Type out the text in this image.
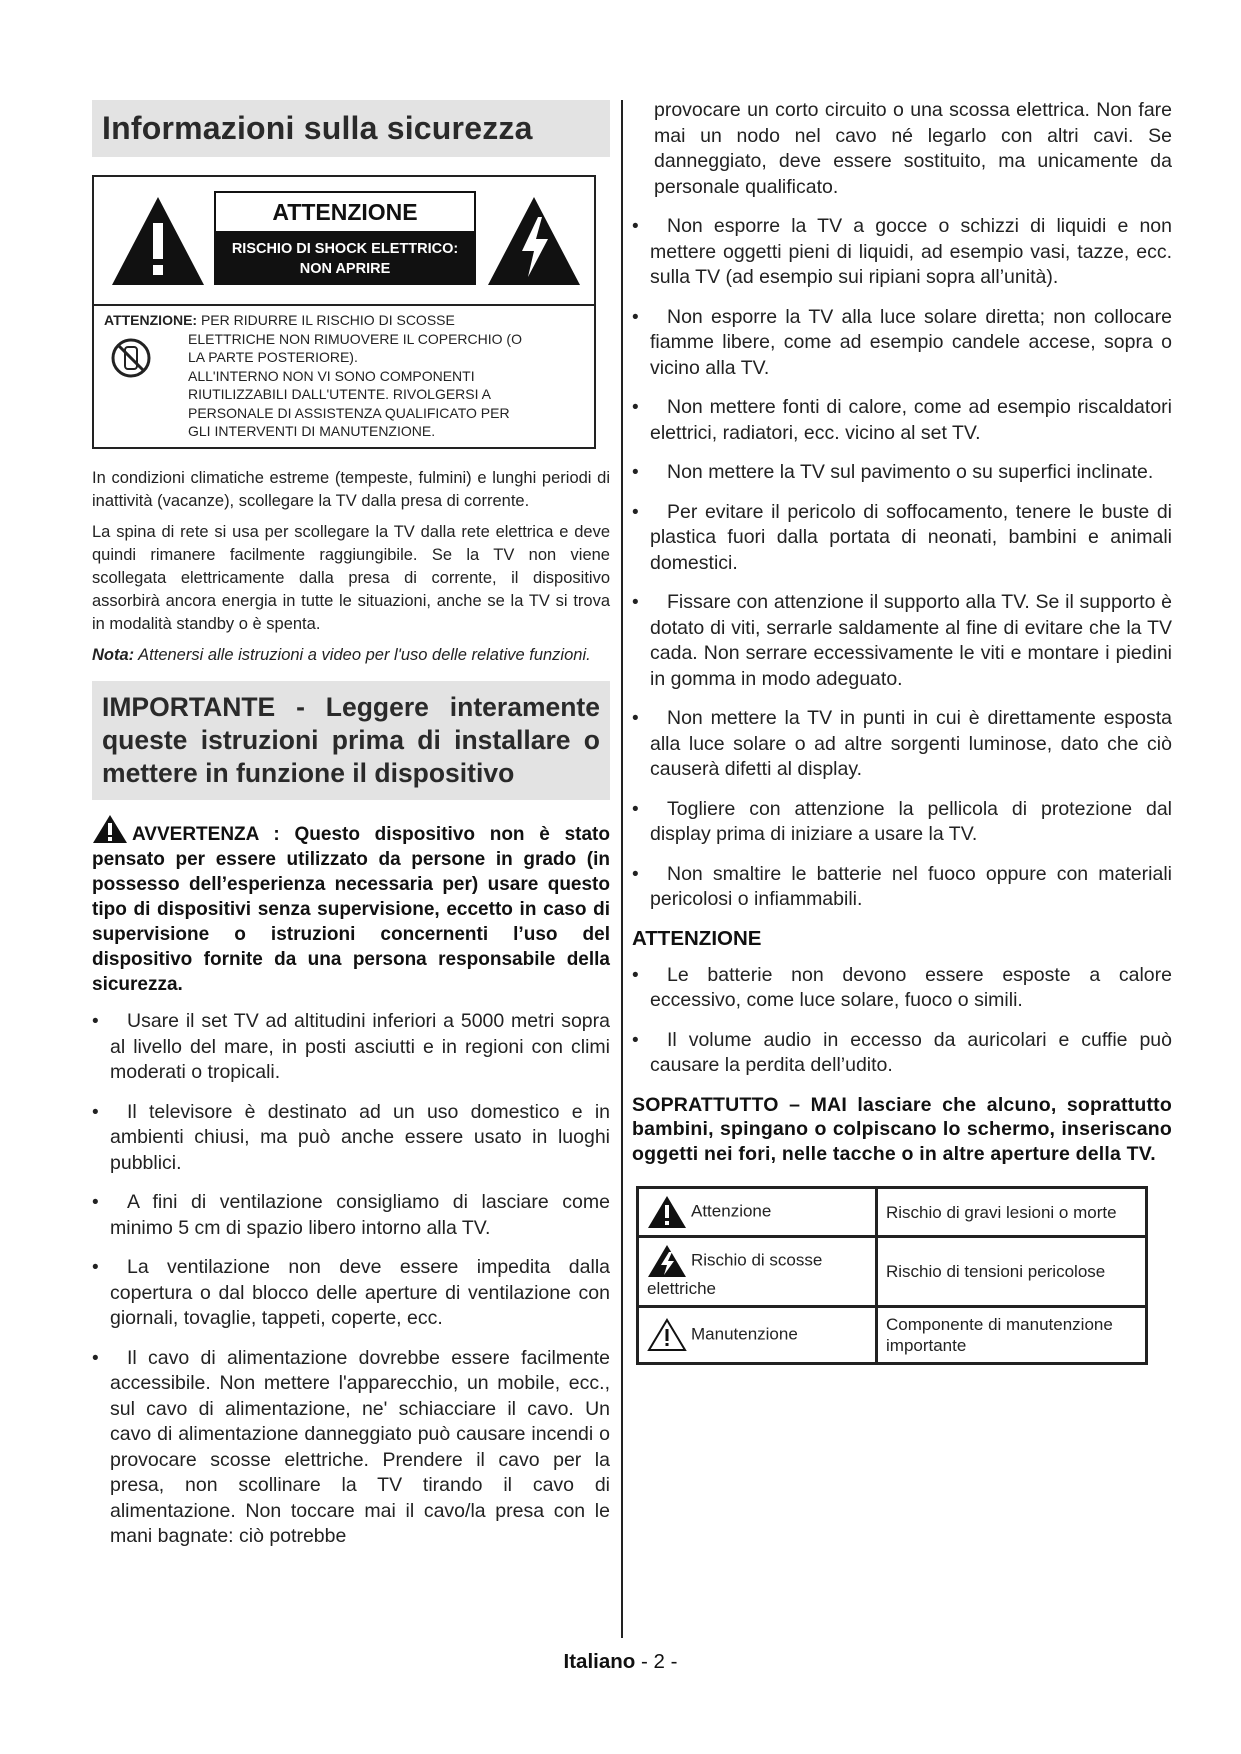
Informazioni sulla sicurezza
ATTENZIONE
RISCHIO DI SHOCK ELETTRICO:
NON APRIRE
ATTENZIONE: PER RIDURRE IL RISCHIO DI SCOSSE
ELETTRICHE NON RIMUOVERE IL COPERCHIO (O
LA PARTE POSTERIORE).
ALL'INTERNO NON VI SONO COMPONENTI
RIUTILIZZABILI DALL'UTENTE. RIVOLGERSI A
PERSONALE DI ASSISTENZA QUALIFICATO PER
GLI INTERVENTI DI MANUTENZIONE.

In condizioni climatiche estreme (tempeste, fulmini) e lunghi periodi di inattività (vacanze), scollegare la TV dalla presa di corrente.

La spina di rete si usa per scollegare la TV dalla rete elettrica e deve quindi rimanere facilmente raggiungibile. Se la TV non viene scollegata elettricamente dalla presa di corrente, il dispositivo assorbirà ancora energia in tutte le situazioni, anche se la TV si trova in modalità standby o è spenta.

Nota: Attenersi alle istruzioni a video per l'uso delle relative funzioni.

IMPORTANTE - Leggere interamente queste istruzioni prima di installare o mettere in funzione il dispositivo
AVVERTENZA : Questo dispositivo non è stato pensato per essere utilizzato da persone in grado (in possesso dell’esperienza necessaria per) usare questo tipo di dispositivi senza supervisione, eccetto in caso di supervisione o istruzioni concernenti l’uso del dispositivo fornite da una persona responsabile della sicurezza.
•	Usare il set TV ad altitudini inferiori a 5000 metri sopra al livello del mare, in posti asciutti e in regioni con climi moderati o tropicali.
•	Il televisore è destinato ad un uso domestico e in ambienti chiusi, ma può anche essere usato in luoghi pubblici.
•	A fini di ventilazione consigliamo di lasciare come minimo 5 cm di spazio libero intorno alla TV.
•	La ventilazione non deve essere impedita dalla copertura o dal blocco delle aperture di ventilazione con giornali, tovaglie, tappeti, coperte, ecc.
•	Il cavo di alimentazione dovrebbe essere facilmente accessibile. Non mettere l'apparecchio, un mobile, ecc., sul cavo di alimentazione, ne' schiacciare il cavo. Un cavo di alimentazione danneggiato può causare incendi o provocare scosse elettriche. Prendere il cavo per la presa, non scollinare la TV tirando il cavo di alimentazione. Non toccare mai il cavo/la presa con le mani bagnate: ciò potrebbe

provocare un corto circuito o una scossa elettrica. Non fare mai un nodo nel cavo né legarlo con altri cavi. Se danneggiato, deve essere sostituito, ma unicamente da personale qualificato.

•	Non esporre la TV a gocce o schizzi di liquidi e non mettere oggetti pieni di liquidi, ad esempio vasi, tazze, ecc. sulla TV (ad esempio sui ripiani sopra all’unità).
•	Non esporre la TV alla luce solare diretta; non collocare fiamme libere, come ad esempio candele accese, sopra o vicino alla TV.
•	Non mettere fonti di calore, come ad esempio riscaldatori elettrici, radiatori, ecc. vicino al set TV.
•	Non mettere la TV sul pavimento o su superfici inclinate.
•	Per evitare il pericolo di soffocamento, tenere le buste di plastica fuori dalla portata di neonati, bambini e animali domestici.
•	Fissare con attenzione il supporto alla TV. Se il supporto è dotato di viti, serrarle saldamente al fine di evitare che la TV cada. Non serrare eccessivamente le viti e montare i piedini in gomma in modo adeguato.
•	Non mettere la TV in punti in cui è direttamente esposta alla luce solare o ad altre sorgenti luminose, dato che ciò causerà difetti al display.
•	Togliere con attenzione la pellicola di protezione dal display prima di iniziare a usare la TV.
•	Non smaltire le batterie nel fuoco oppure con materiali pericolosi o infiammabili.
ATTENZIONE
•	Le batterie non devono essere esposte a calore eccessivo, come luce solare, fuoco o simili.
•	Il volume audio in eccesso da auricolari e cuffie può causare la perdita dell’udito.

SOPRATTUTTO – MAI lasciare che alcuno, soprattutto bambini, spingano o colpiscano lo schermo, inseriscano oggetti nei fori, nelle tacche o in altre aperture della TV.

Attenzione	Rischio di gravi lesioni o morte
Rischio di scosse elettriche	Rischio di tensioni pericolose
Manutenzione	Componente di manutenzione importante
Italiano - 2 -
